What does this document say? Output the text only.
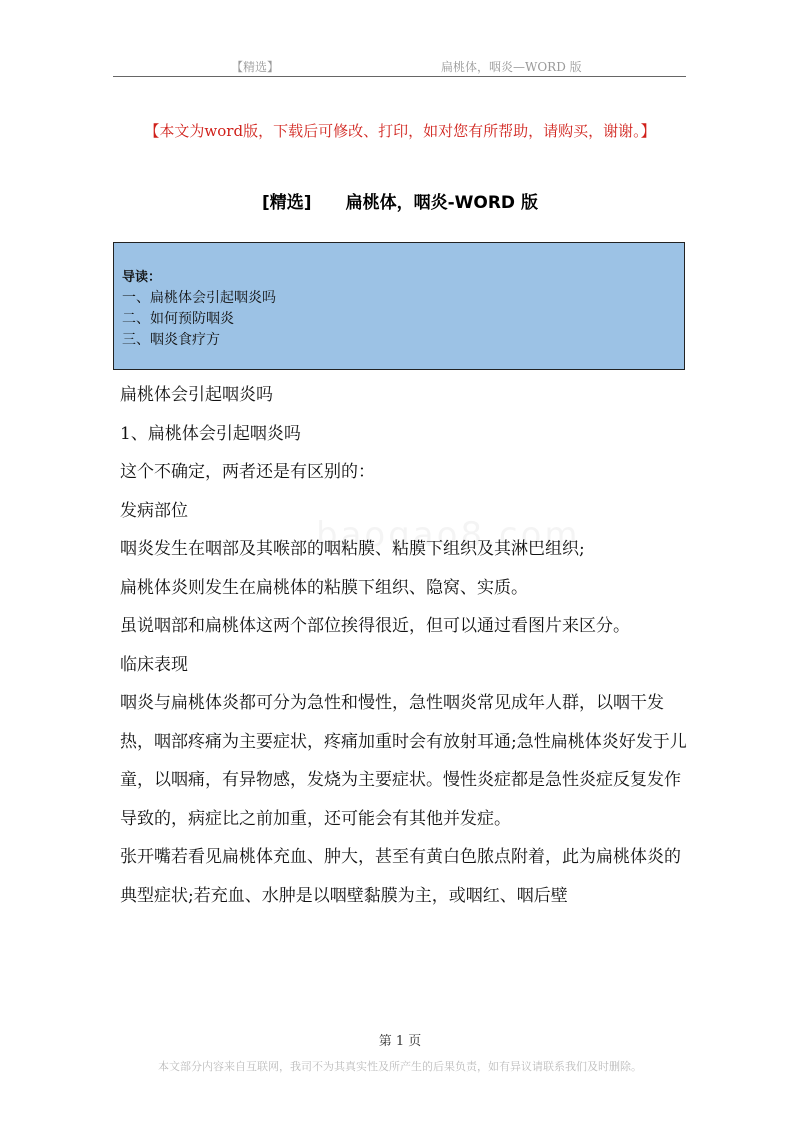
【精选】	扁桃体，咽炎—WORD 版
【本文为word版，下载后可修改、打印，如对您有所帮助，请购买，谢谢。】
[精选] 扁桃体，咽炎-WORD 版
导读：
一、扁桃体会引起咽炎吗
二、如何预防咽炎
三、咽炎食疗方

扁桃体会引起咽炎吗

1、扁桃体会引起咽炎吗

这个不确定，两者还是有区别的：

发病部位

咽炎发生在咽部及其喉部的咽粘膜、粘膜下组织及其淋巴组织;

扁桃体炎则发生在扁桃体的粘膜下组织、隐窝、实质。

虽说咽部和扁桃体这两个部位挨得很近，但可以通过看图片来区分。

临床表现

咽炎与扁桃体炎都可分为急性和慢性，急性咽炎常见成年人群，以咽干发热，咽部疼痛为主要症状，疼痛加重时会有放射耳通;急性扁桃体炎好发于儿童，以咽痛，有异物感，发烧为主要症状。慢性炎症都是急性炎症反复发作导致的，病症比之前加重，还可能会有其他并发症。

张开嘴若看见扁桃体充血、肿大，甚至有黄白色脓点附着，此为扁桃体炎的典型症状;若充血、水肿是以咽壁黏膜为主，或咽红、咽后壁

第 1 页
本文部分内容来自互联网，我司不为其真实性及所产生的后果负责，如有异议请联系我们及时删除。
